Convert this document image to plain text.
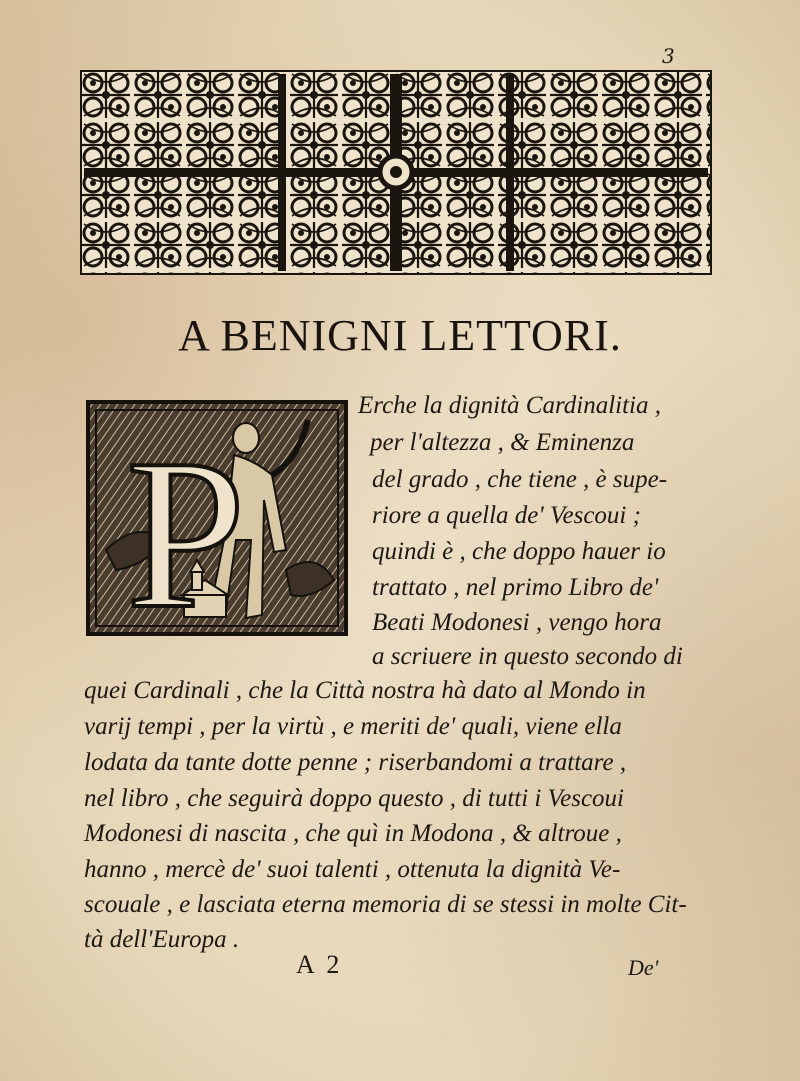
3
A BENIGNI LETTORI.
P
Erche la dignità Cardinalitia ,
per l'altezza , & Eminenza
del grado , che tiene , è supe-
riore a quella de' Vescoui ;
quindi è , che doppo hauer io
trattato , nel primo Libro de'
Beati Modonesi , vengo hora
a scriuere in questo secondo di
quei Cardinali , che la Città nostra hà dato al Mondo in
varij tempi , per la virtù , e meriti de' quali, viene ella
lodata da tante dotte penne ; riserbandomi a trattare ,
nel libro , che seguirà doppo questo , di tutti i Vescoui
Modonesi di nascita , che quì in Modona , & altroue ,
hanno , mercè de' suoi talenti , ottenuta la dignità Ve-
scouale , e lasciata eterna memoria di se stessi in molte Cit-
tà dell'Europa .
A  2	De'
